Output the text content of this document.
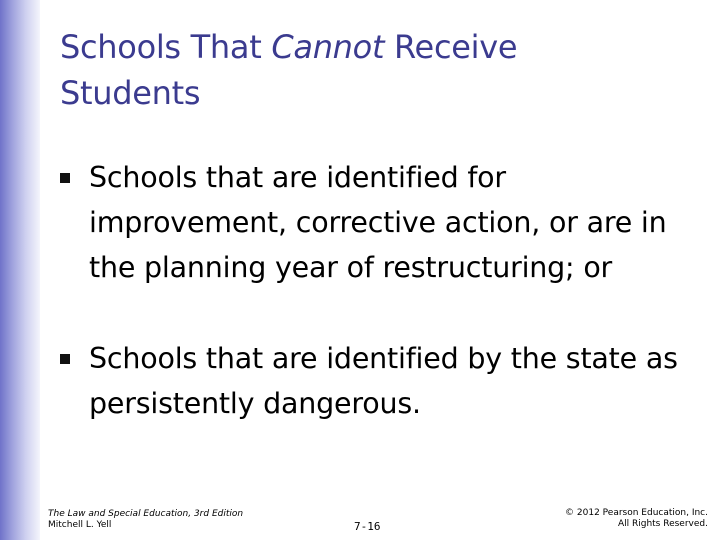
Schools That Cannot Receive Students
Schools that are identified for improvement, corrective action, or are in the planning year of restructuring; or
Schools that are identified by the state as persistently dangerous.
The Law and Special Education, 3rd Edition
Mitchell L. Yell	7-16
© 2012 Pearson Education, Inc.
All Rights Reserved.
